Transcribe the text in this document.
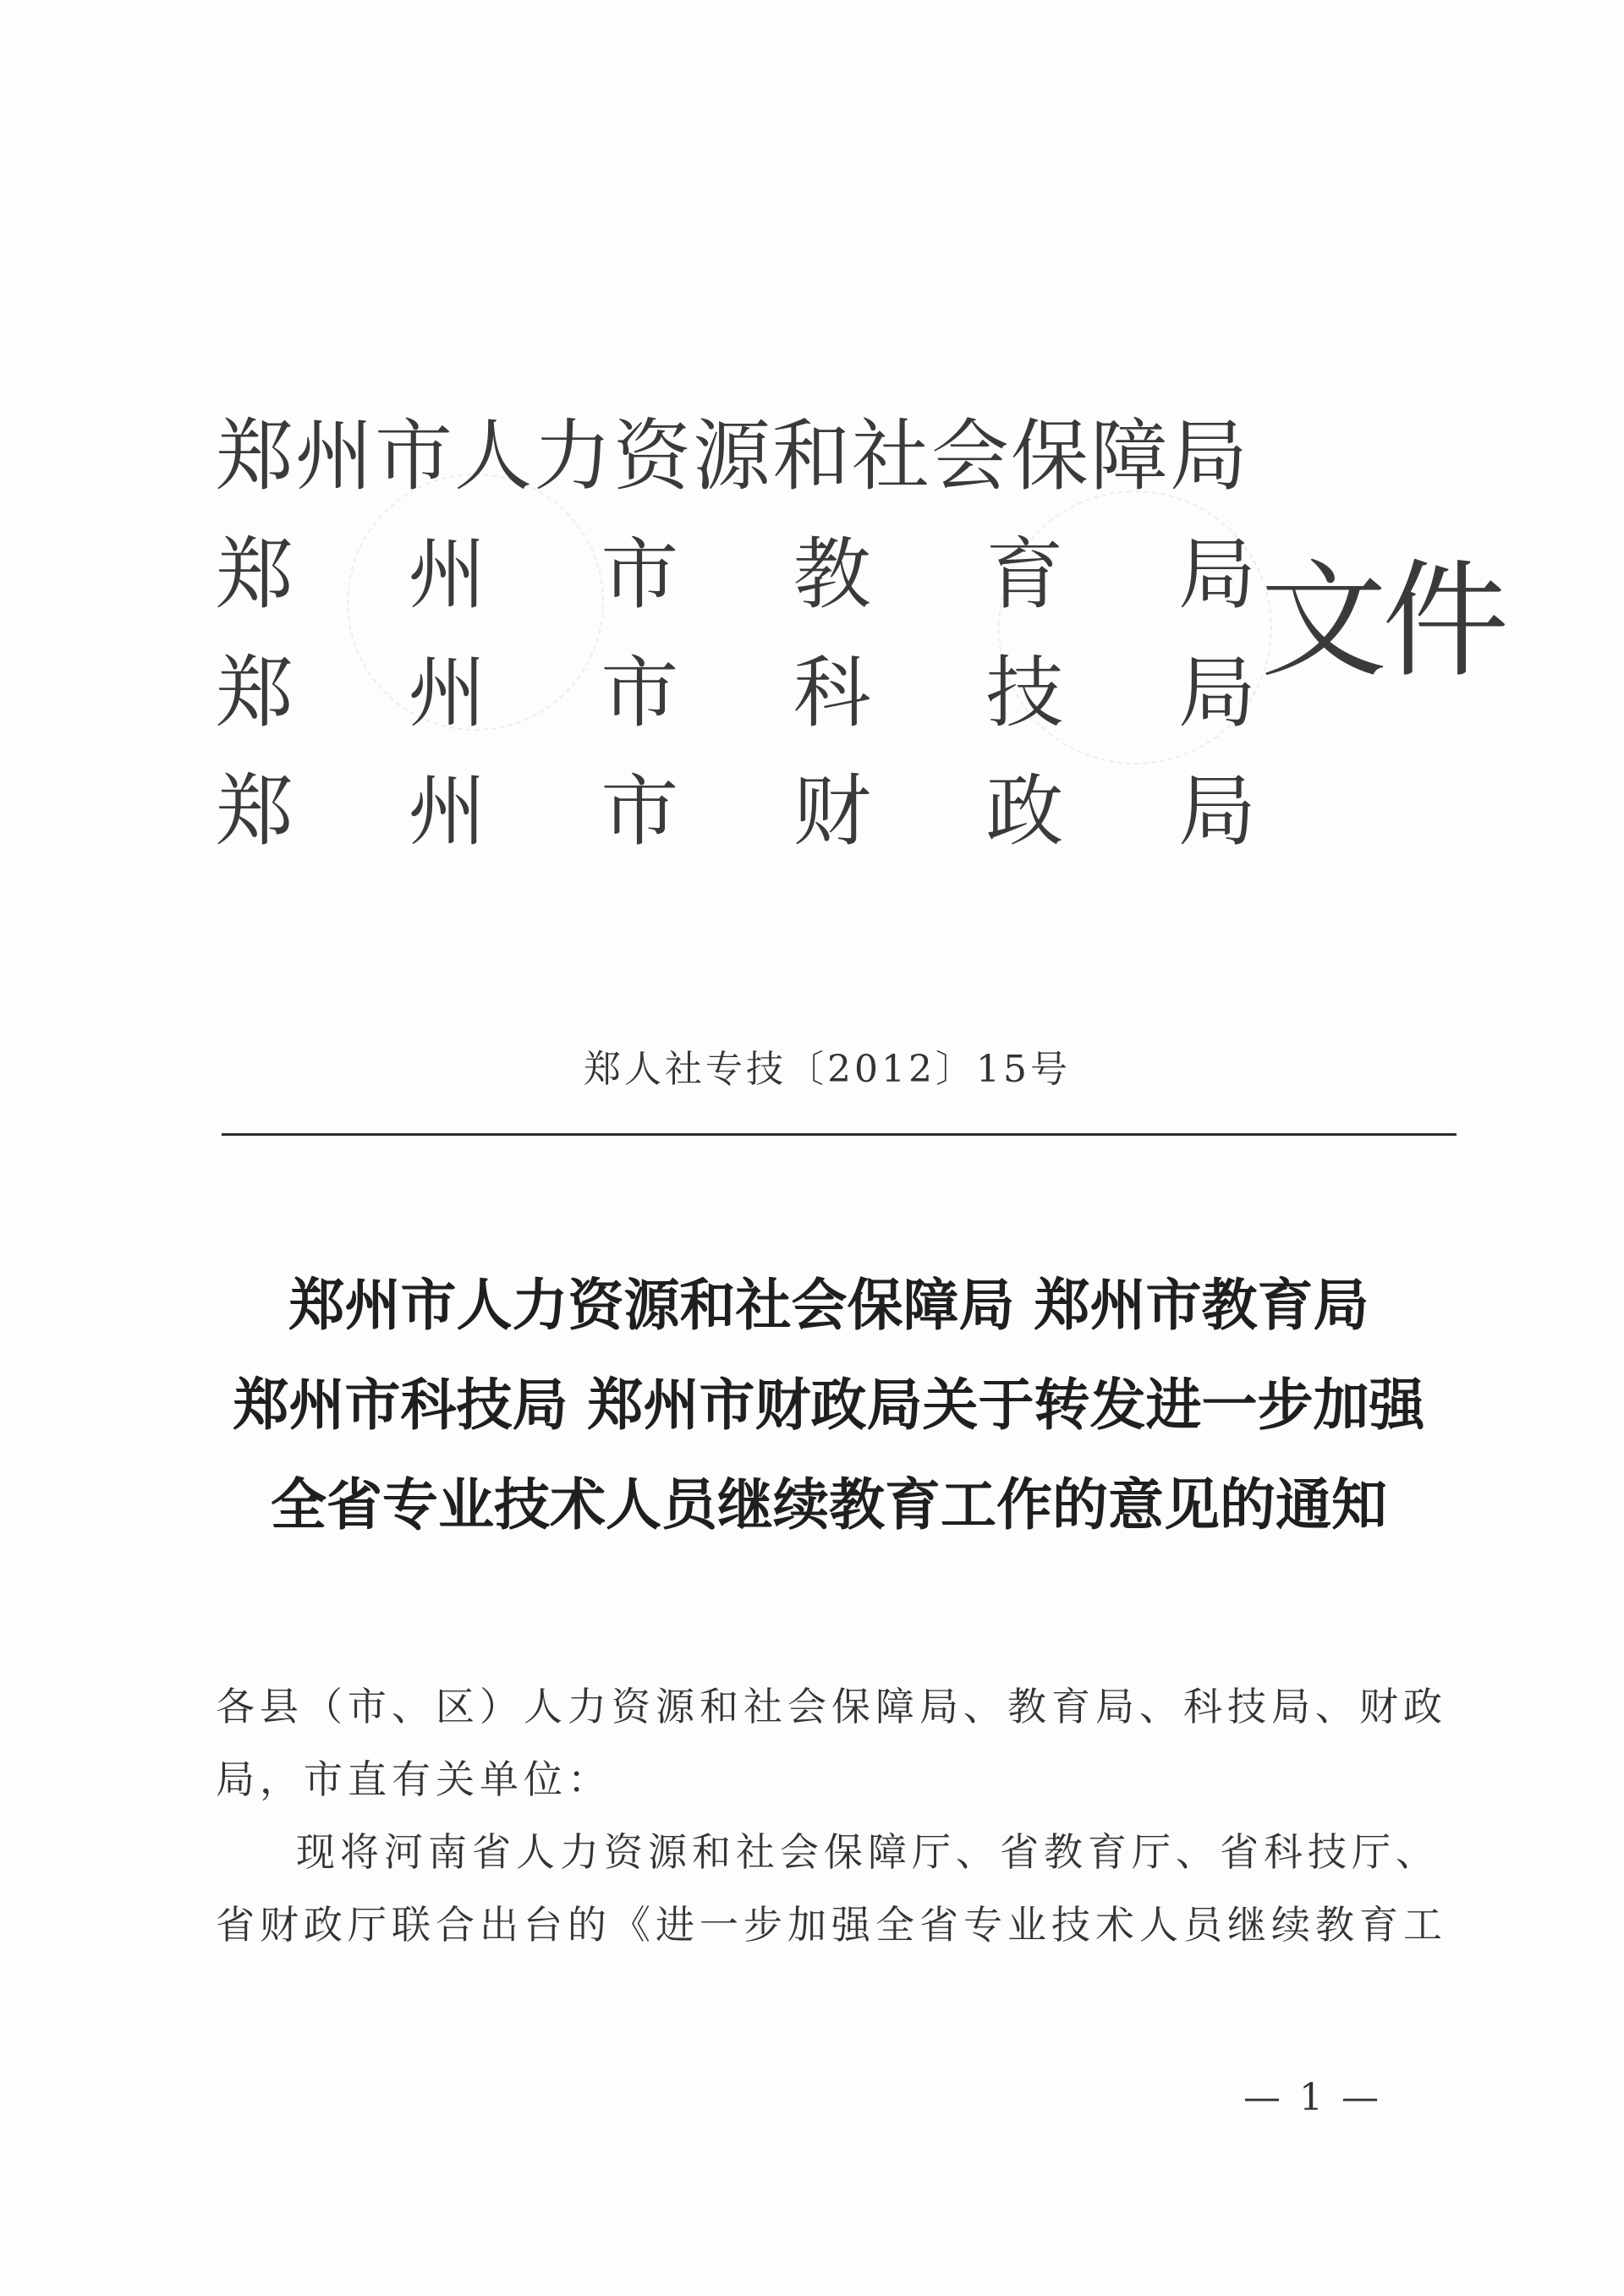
郑州市人力资源和社会保障局
郑 州 市 教 育 局
郑 州 市 科 技 局
郑 州 市 财 政 局
文件
郑人社专技〔2012〕15号
郑州市人力资源和社会保障局 郑州市教育局
郑州市科技局 郑州市财政局关于转发进一步加强
全省专业技术人员继续教育工作的意见的通知

各县（市、区）人力资源和社会保障局、教育局、科技局、财政

局，市直有关单位：

现将河南省人力资源和社会保障厅、省教育厅、省科技厅、

省财政厅联合出台的《进一步加强全省专业技术人员继续教育工

— 1 —
